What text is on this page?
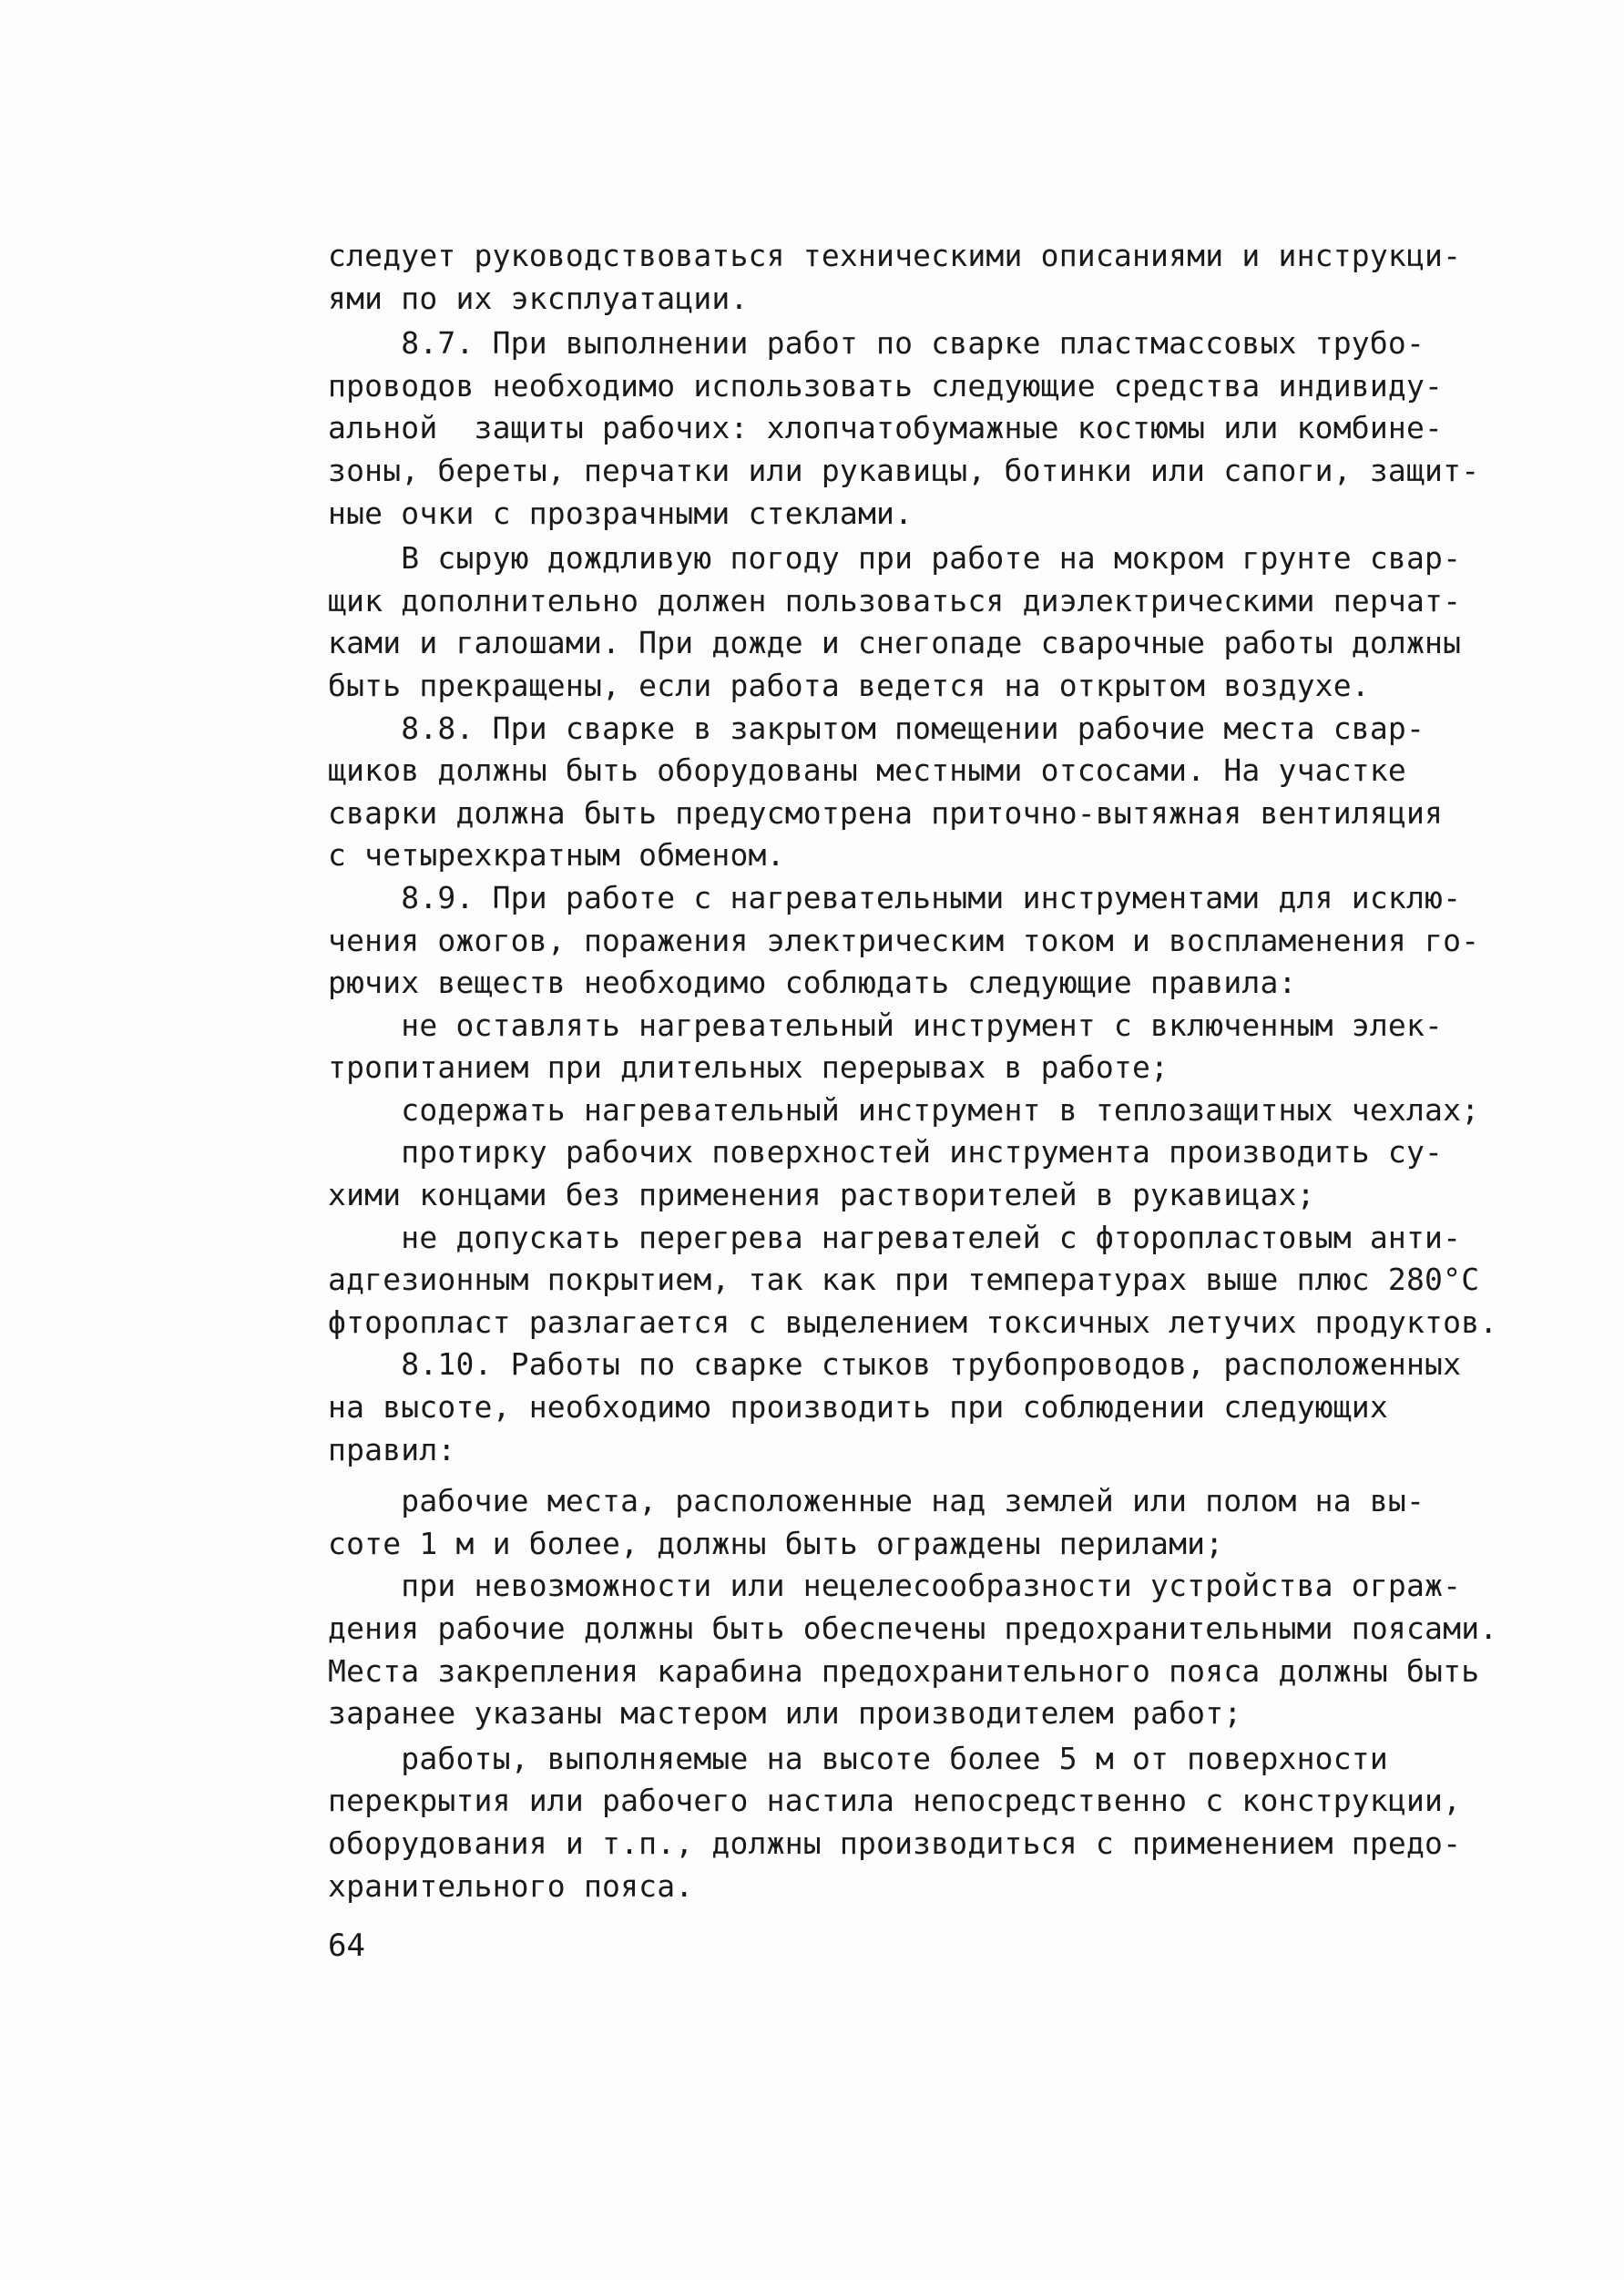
следует руководствоваться техническими описаниями и инструкци-
ями по их эксплуатации.
8.7. При выполнении работ по сварке пластмассовых трубо-
проводов необходимо использовать следующие средства индивиду-
альной  защиты рабочих: хлопчатобумажные костюмы или комбине-
зоны, береты, перчатки или рукавицы, ботинки или сапоги, защит-
ные очки с прозрачными стеклами.
В сырую дождливую погоду при работе на мокром грунте свар-
щик дополнительно должен пользоваться диэлектрическими перчат-
ками и галошами. При дожде и снегопаде сварочные работы должны
быть прекращены, если работа ведется на открытом воздухе.
8.8. При сварке в закрытом помещении рабочие места свар-
щиков должны быть оборудованы местными отсосами. На участке
сварки должна быть предусмотрена приточно-вытяжная вентиляция
с четырехкратным обменом.
8.9. При работе с нагревательными инструментами для исклю-
чения ожогов, поражения электрическим током и воспламенения го-
рючих веществ необходимо соблюдать следующие правила:
не оставлять нагревательный инструмент с включенным элек-
тропитанием при длительных перерывах в работе;
содержать нагревательный инструмент в теплозащитных чехлах;
протирку рабочих поверхностей инструмента производить су-
хими концами без применения растворителей в рукавицах;
не допускать перегрева нагревателей с фторопластовым анти-
адгезионным покрытием, так как при температурах выше плюс 280°С
фторопласт разлагается с выделением токсичных летучих продуктов.
8.10. Работы по сварке стыков трубопроводов, расположенных
на высоте, необходимо производить при соблюдении следующих
правил:
рабочие места, расположенные над землей или полом на вы-
соте 1 м и более, должны быть ограждены перилами;
при невозможности или нецелесообразности устройства ограж-
дения рабочие должны быть обеспечены предохранительными поясами.
Места закрепления карабина предохранительного пояса должны быть
заранее указаны мастером или производителем работ;
работы, выполняемые на высоте более 5 м от поверхности
перекрытия или рабочего настила непосредственно с конструкции,
оборудования и т.п., должны производиться с применением предо-
хранительного пояса.
64
